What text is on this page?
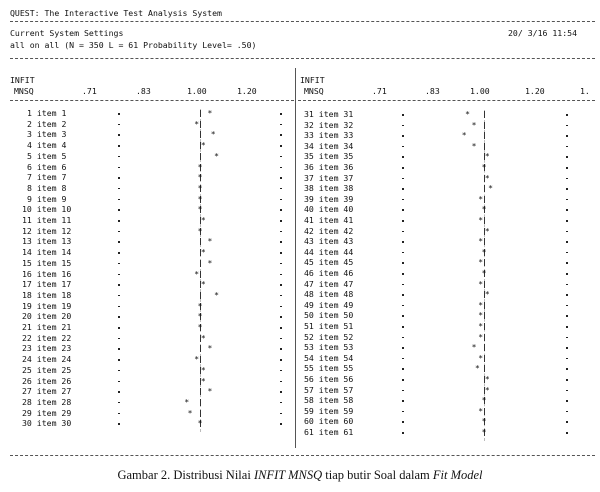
QUEST: The Interactive Test Analysis System
Current System Settings
all on all (N = 350 L = 61 Probability Level= .50)
20/ 3/16 11:54
INFIT
MNSQ	.71	.83	1.00	1.20
INFIT
MNSQ	.71	.83	1.00	1.20	1.
1 item 1	*
2 item 2	*
3 item 3	*
4 item 4	*
5 item 5	*
6 item 6	*
7 item 7	*
8 item 8	*
9 item 9	*
10 item 10	*
11 item 11	*
12 item 12	*
13 item 13	*
14 item 14	*
15 item 15	*
16 item 16	*
17 item 17	*
18 item 18	*
19 item 19	*
20 item 20	*
21 item 21	*
22 item 22	*
23 item 23	*
24 item 24	*
25 item 25	*
26 item 26	*
27 item 27	*
28 item 28	*
29 item 29	*
30 item 30	*
31 item 31	*
32 item 32	*
33 item 33	*
34 item 34	*
35 item 35	*
36 item 36	*
37 item 37	*
38 item 38	*
39 item 39	*
40 item 40	*
41 item 41	*
42 item 42	*
43 item 43	*
44 item 44	*
45 item 45	*
46 item 46	*
47 item 47	*
48 item 48	*
49 item 49	*
50 item 50	*
51 item 51	*
52 item 52	*
53 item 53	*
54 item 54	*
55 item 55	*
56 item 56	*
57 item 57	*
58 item 58	*
59 item 59	*
60 item 60	*
61 item 61	*
Gambar 2. Distribusi Nilai INFIT MNSQ tiap butir Soal dalam Fit Model
